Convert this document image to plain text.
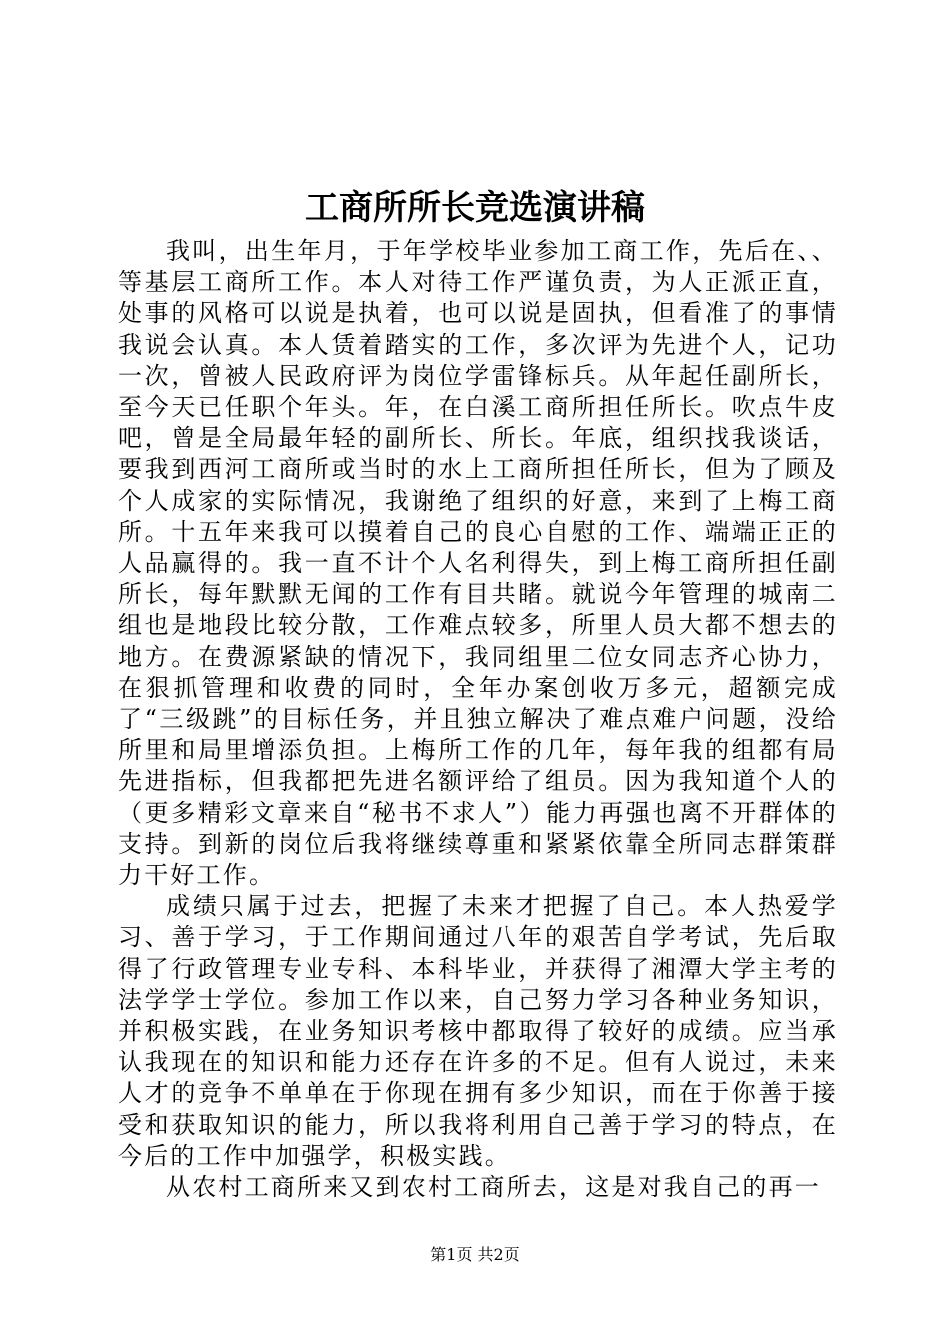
工商所所长竞选演讲稿

我叫，出生年月，于年学校毕业参加工商工作，先后在、、等基层工商所工作。本人对待工作严谨负责，为人正派正直，处事的风格可以说是执着，也可以说是固执，但看准了的事情我说会认真。本人赁着踏实的工作，多次评为先进个人，记功一次，曾被人民政府评为岗位学雷锋标兵。从年起任副所长，至今天已任职个年头。年，在白溪工商所担任所长。吹点牛皮吧，曾是全局最年轻的副所长、所长。年底，组织找我谈话，要我到西河工商所或当时的水上工商所担任所长，但为了顾及个人成家的实际情况，我谢绝了组织的好意，来到了上梅工商所。十五年来我可以摸着自己的良心自慰的工作、端端正正的人品赢得的。我一直不计个人名利得失，到上梅工商所担任副所长，每年默默无闻的工作有目共睹。就说今年管理的城南二组也是地段比较分散，工作难点较多，所里人员大都不想去的地方。在费源紧缺的情况下，我同组里二位女同志齐心协力，在狠抓管理和收费的同时，全年办案创收万多元，超额完成了“三级跳”的目标任务，并且独立解决了难点难户问题，没给所里和局里增添负担。上梅所工作的几年，每年我的组都有局先进指标，但我都把先进名额评给了组员。因为我知道个人的（更多精彩文章来自“秘书不求人”）能力再强也离不开群体的支持。到新的岗位后我将继续尊重和紧紧依靠全所同志群策群力干好工作。

成绩只属于过去，把握了未来才把握了自己。本人热爱学习、善于学习，于工作期间通过八年的艰苦自学考试，先后取得了行政管理专业专科、本科毕业，并获得了湘潭大学主考的法学学士学位。参加工作以来，自己努力学习各种业务知识，并积极实践，在业务知识考核中都取得了较好的成绩。应当承认我现在的知识和能力还存在许多的不足。但有人说过，未来人才的竞争不单单在于你现在拥有多少知识，而在于你善于接受和获取知识的能力，所以我将利用自己善于学习的特点，在今后的工作中加强学，积极实践。

从农村工商所来又到农村工商所去，这是对我自己的再一

第1页 共2页
